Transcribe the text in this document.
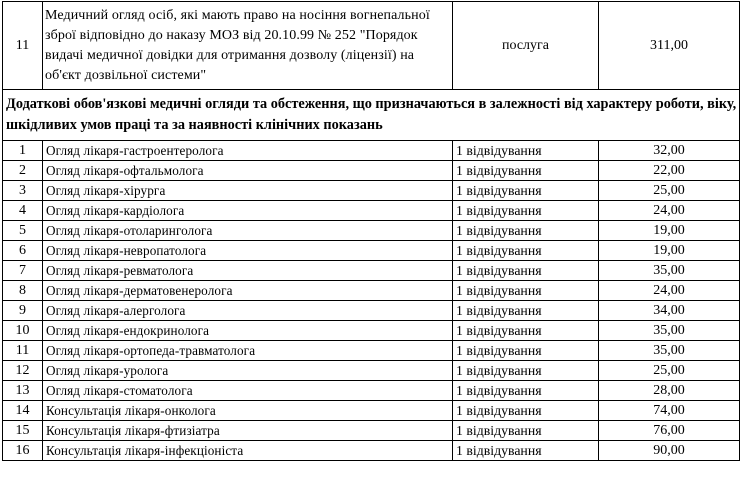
11	Медичний огляд осіб, які мають право на носіння вогнепальної зброї відповідно до наказу МОЗ від 20.10.99 № 252 "Порядок видачі медичної довідки для отримання дозволу (ліцензії) на об'єкт дозвільної системи"	послуга	311,00
Додаткові обов'язкові медичні огляди та обстеження, що призначаються в залежності від характеру роботи, віку, шкідливих умов праці та за наявності клінічних показань			
1	Огляд лікаря-гастроентеролога	1 відвідування	32,00
2	Огляд лікаря-офтальмолога	1 відвідування	22,00
3	Огляд лікаря-хірурга	1 відвідування	25,00
4	Огляд лікаря-кардіолога	1 відвідування	24,00
5	Огляд лікаря-отоларинголога	1 відвідування	19,00
6	Огляд лікаря-невропатолога	1 відвідування	19,00
7	Огляд лікаря-ревматолога	1 відвідування	35,00
8	Огляд лікаря-дерматовенеролога	1 відвідування	24,00
9	Огляд лікаря-алерголога	1 відвідування	34,00
10	Огляд лікаря-ендокринолога	1 відвідування	35,00
11	Огляд лікаря-ортопеда-травматолога	1 відвідування	35,00
12	Огляд лікаря-уролога	1 відвідування	25,00
13	Огляд лікаря-стоматолога	1 відвідування	28,00
14	Консультація лікаря-онколога	1 відвідування	74,00
15	Консультація лікаря-фтизіатра	1 відвідування	76,00
16	Консультація лікаря-інфекціоніста	1 відвідування	90,00
